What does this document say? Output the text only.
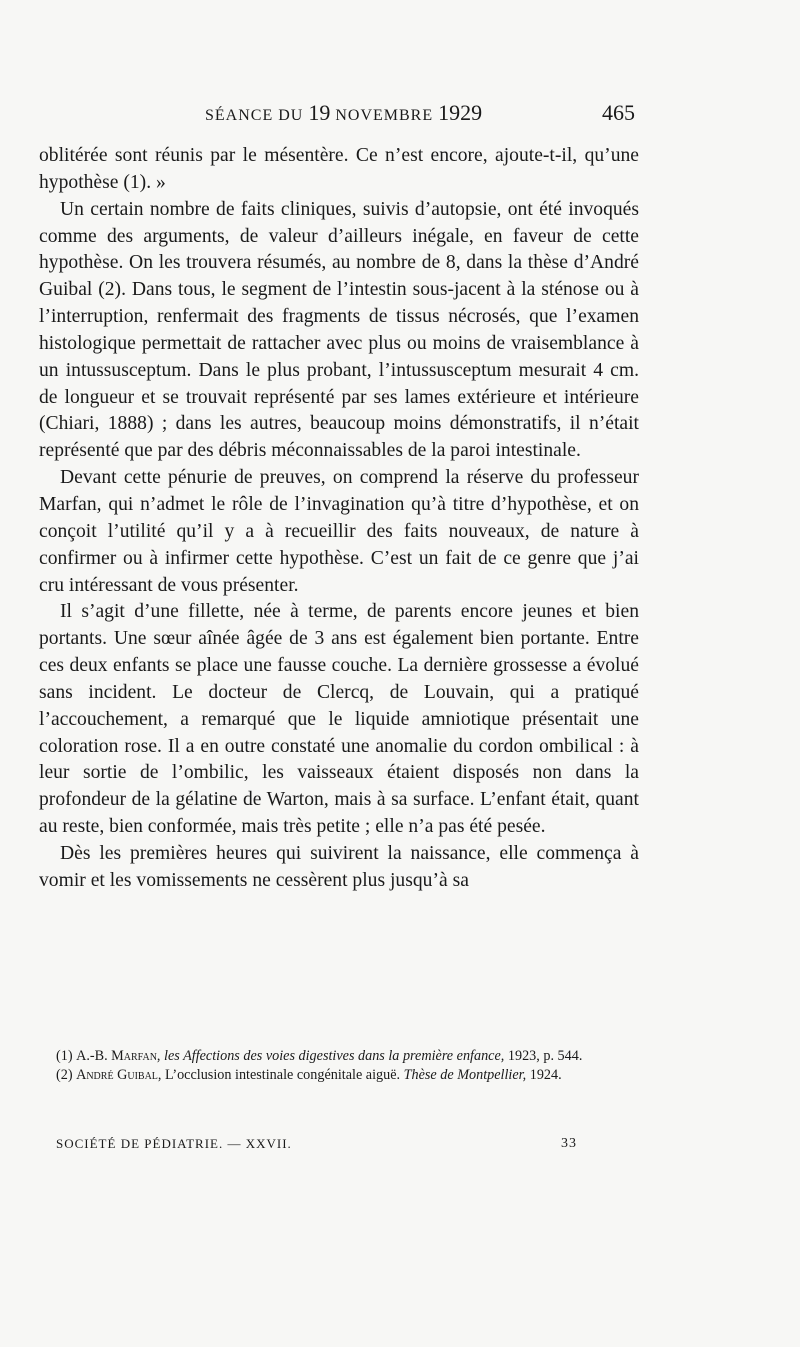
SÉANCE DU 19 NOVEMBRE 1929	465

oblitérée sont réunis par le mésentère. Ce n’est encore, ajoute-t-il, qu’une hypothèse (1). »

Un certain nombre de faits cliniques, suivis d’autopsie, ont été invoqués comme des arguments, de valeur d’ailleurs inégale, en faveur de cette hypothèse. On les trouvera résumés, au nombre de 8, dans la thèse d’André Guibal (2). Dans tous, le segment de l’intestin sous-jacent à la sténose ou à l’interruption, renfermait des fragments de tissus nécrosés, que l’examen histologique permettait de rattacher avec plus ou moins de vraisemblance à un intussusceptum. Dans le plus probant, l’intussusceptum mesurait 4 cm. de longueur et se trouvait représenté par ses lames extérieure et intérieure (Chiari, 1888) ; dans les autres, beaucoup moins démonstratifs, il n’était représenté que par des débris méconnaissables de la paroi intestinale.

Devant cette pénurie de preuves, on comprend la réserve du professeur Marfan, qui n’admet le rôle de l’invagination qu’à titre d’hypothèse, et on conçoit l’utilité qu’il y a à recueillir des faits nouveaux, de nature à confirmer ou à infirmer cette hypothèse. C’est un fait de ce genre que j’ai cru intéressant de vous présenter.

Il s’agit d’une fillette, née à terme, de parents encore jeunes et bien portants. Une sœur aînée âgée de 3 ans est également bien portante. Entre ces deux enfants se place une fausse couche. La dernière grossesse a évolué sans incident. Le docteur de Clercq, de Louvain, qui a pratiqué l’accouchement, a remarqué que le liquide amniotique présentait une coloration rose. Il a en outre constaté une anomalie du cordon ombilical : à leur sortie de l’ombilic, les vaisseaux étaient disposés non dans la profondeur de la gélatine de Warton, mais à sa surface. L’enfant était, quant au reste, bien conformée, mais très petite ; elle n’a pas été pesée.

Dès les premières heures qui suivirent la naissance, elle commença à vomir et les vomissements ne cessèrent plus jusqu’à sa

(1) A.-B. Marfan, les Affections des voies digestives dans la première enfance, 1923, p. 544.

(2) André Guibal, L’occlusion intestinale congénitale aiguë. Thèse de Montpellier, 1924.

SOCIÉTÉ DE PÉDIATRIE. — XXVII.	33
